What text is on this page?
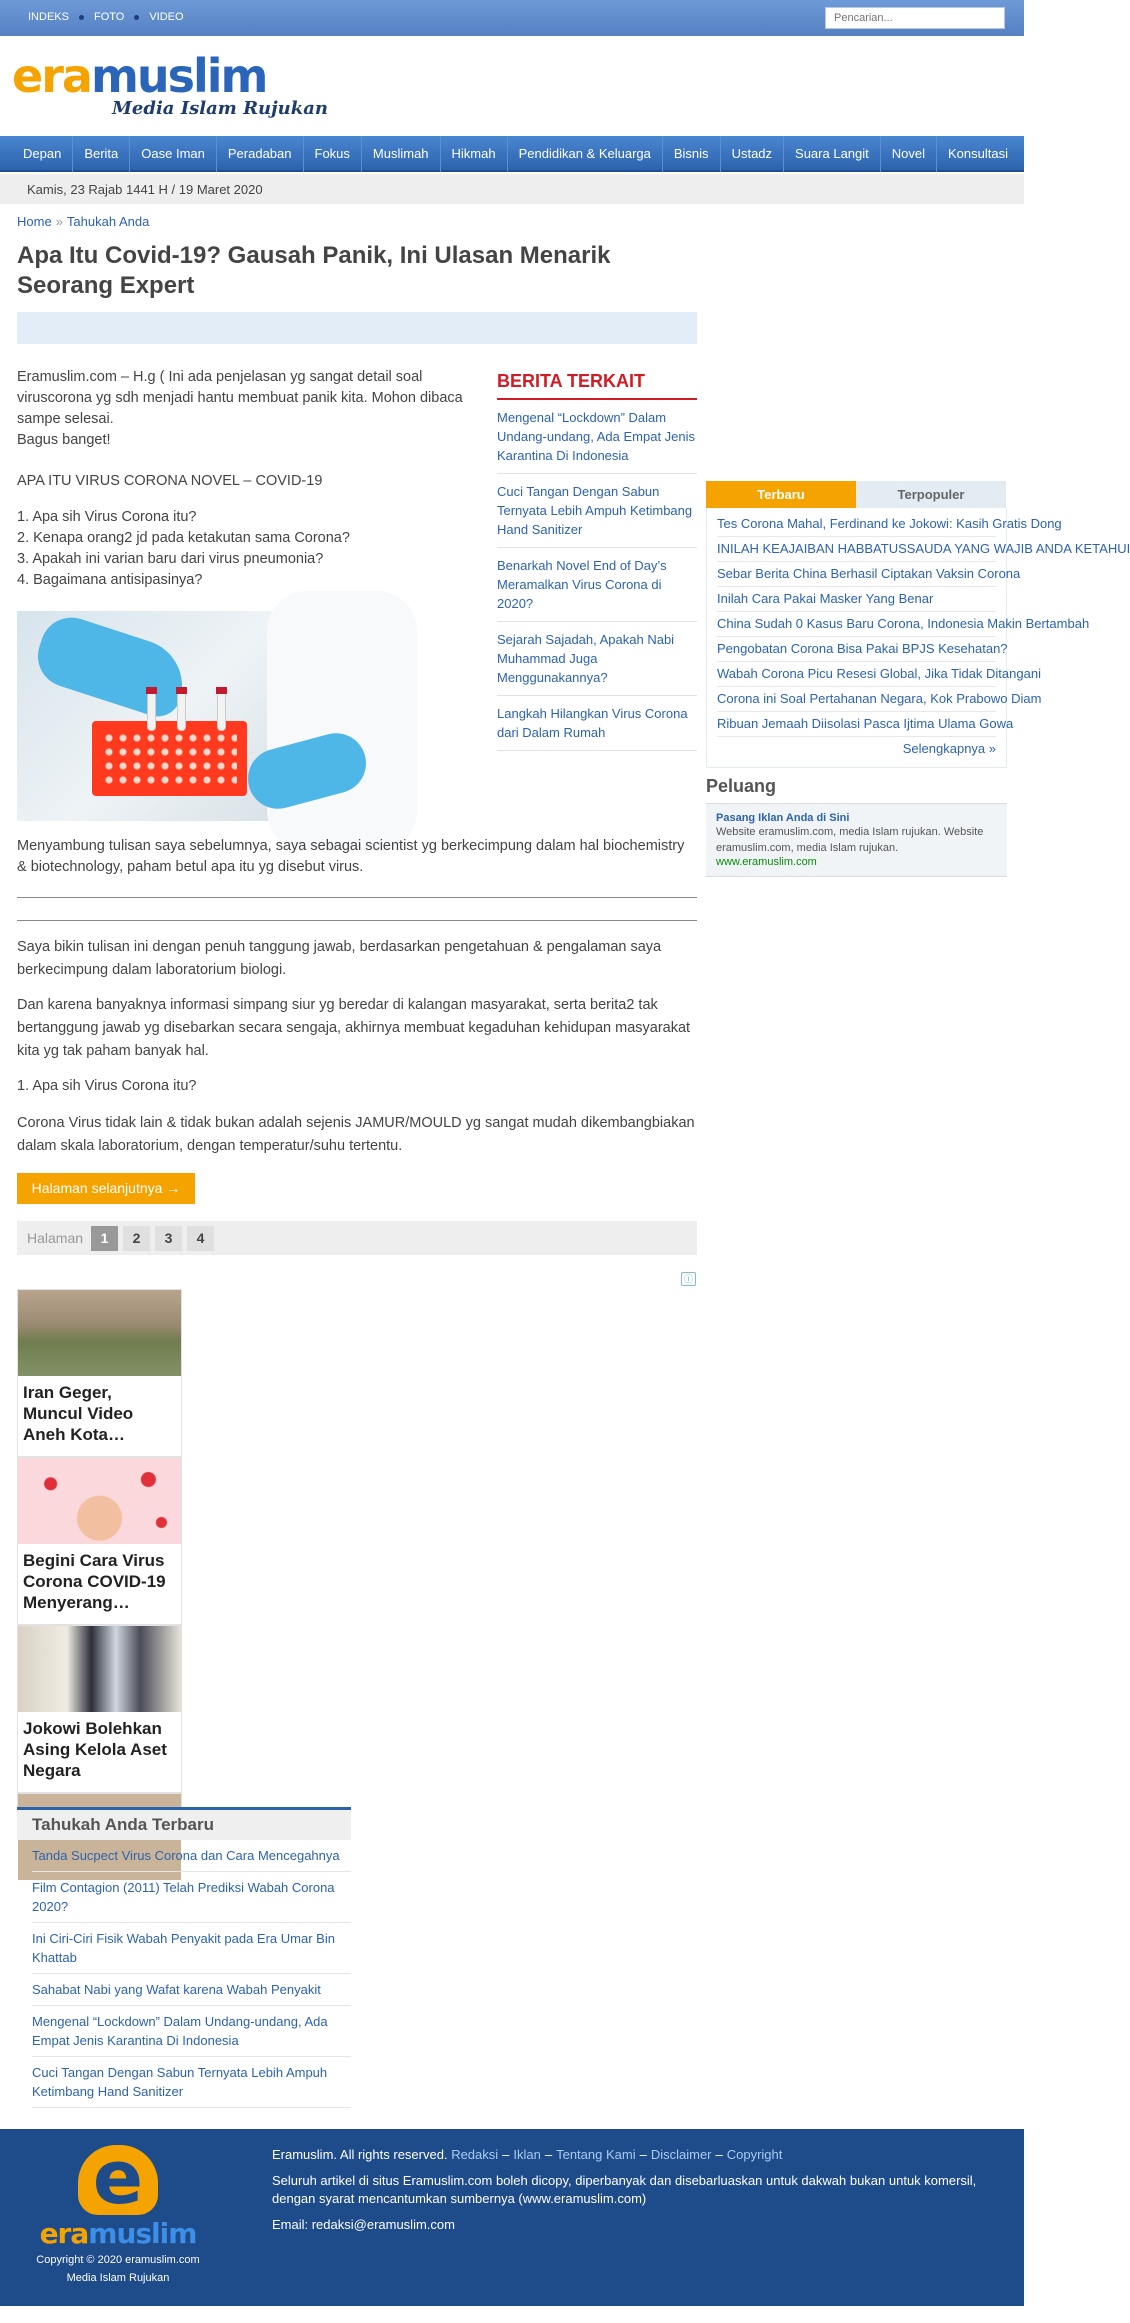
INDEKS FOTO VIDEO
Pencarian...
eramuslim
Media Islam Rujukan
Depan	Berita	Oase Iman	Peradaban	Fokus	Muslimah	Hikmah	Pendidikan & Keluarga	Bisnis	Ustadz	Suara Langit	Novel	Konsultasi
Kamis, 23 Rajab 1441 H / 19 Maret 2020
Home » Tahukah Anda
Apa Itu Covid-19? Gausah Panik, Ini Ulasan Menarik Seorang Expert
Eramuslim.com – H.g ( Ini ada penjelasan yg sangat detail soal viruscorona yg sdh menjadi hantu membuat panik kita. Mohon dibaca sampe selesai.
Bagus banget!
APA ITU VIRUS CORONA NOVEL – COVID-19
1. Apa sih Virus Corona itu?
2. Kenapa orang2 jd pada ketakutan sama Corona?
3. Apakah ini varian baru dari virus pneumonia?
4. Bagaimana antisipasinya?
Menyambung tulisan saya sebelumnya, saya sebagai scientist yg berkecimpung dalam hal biochemistry & biotechnology, paham betul apa itu yg disebut virus.
Saya bikin tulisan ini dengan penuh tanggung jawab, berdasarkan pengetahuan & pengalaman saya berkecimpung dalam laboratorium biologi.
Dan karena banyaknya informasi simpang siur yg beredar di kalangan masyarakat, serta berita2 tak bertanggung jawab yg disebarkan secara sengaja, akhirnya membuat kegaduhan kehidupan masyarakat kita yg tak paham banyak hal.
1. Apa sih Virus Corona itu?
Corona Virus tidak lain & tidak bukan adalah sejenis JAMUR/MOULD yg sangat mudah dikembangbiakan dalam skala laboratorium, dengan temperatur/suhu tertentu.
Halaman selanjutnya →
Halaman	1	2	3	4
ⓘ
Iran Geger, Muncul Video Aneh Kota…
Begini Cara Virus Corona COVID-19 Menyerang…
Jokowi Bolehkan Asing Kelola Aset Negara
Tahukah Anda Terbaru
Tanda Sucpect Virus Corona dan Cara Mencegahnya
Film Contagion (2011) Telah Prediksi Wabah Corona 2020?
Ini Ciri-Ciri Fisik Wabah Penyakit pada Era Umar Bin Khattab
Sahabat Nabi yang Wafat karena Wabah Penyakit
Mengenal “Lockdown” Dalam Undang-undang, Ada Empat Jenis Karantina Di Indonesia
Cuci Tangan Dengan Sabun Ternyata Lebih Ampuh Ketimbang Hand Sanitizer
BERITA TERKAIT
Mengenal “Lockdown” Dalam Undang-undang, Ada Empat Jenis Karantina Di Indonesia
Cuci Tangan Dengan Sabun Ternyata Lebih Ampuh Ketimbang Hand Sanitizer
Benarkah Novel End of Day’s Meramalkan Virus Corona di 2020?
Sejarah Sajadah, Apakah Nabi Muhammad Juga Menggunakannya?
Langkah Hilangkan Virus Corona dari Dalam Rumah
Terbaru	Terpopuler
Tes Corona Mahal, Ferdinand ke Jokowi: Kasih Gratis Dong
INILAH KEAJAIBAN HABBATUSSAUDA YANG WAJIB ANDA KETAHUI
Sebar Berita China Berhasil Ciptakan Vaksin Corona
Inilah Cara Pakai Masker Yang Benar
China Sudah 0 Kasus Baru Corona, Indonesia Makin Bertambah
Pengobatan Corona Bisa Pakai BPJS Kesehatan?
Wabah Corona Picu Resesi Global, Jika Tidak Ditangani
Corona ini Soal Pertahanan Negara, Kok Prabowo Diam
Ribuan Jemaah Diisolasi Pasca Ijtima Ulama Gowa
Selengkapnya »
Peluang
Pasang Iklan Anda di Sini
Website eramuslim.com, media Islam rujukan. Website eramuslim.com, media Islam rujukan.
www.eramuslim.com
e
eramuslim
Copyright © 2020 eramuslim.com
Media Islam Rujukan

Eramuslim. All rights reserved. Redaksi – Iklan – Tentang Kami – Disclaimer – Copyright

Seluruh artikel di situs Eramuslim.com boleh dicopy, diperbanyak dan disebarluaskan untuk dakwah bukan untuk komersil, dengan syarat mencantumkan sumbernya (www.eramuslim.com)

Email: redaksi@eramuslim.com
